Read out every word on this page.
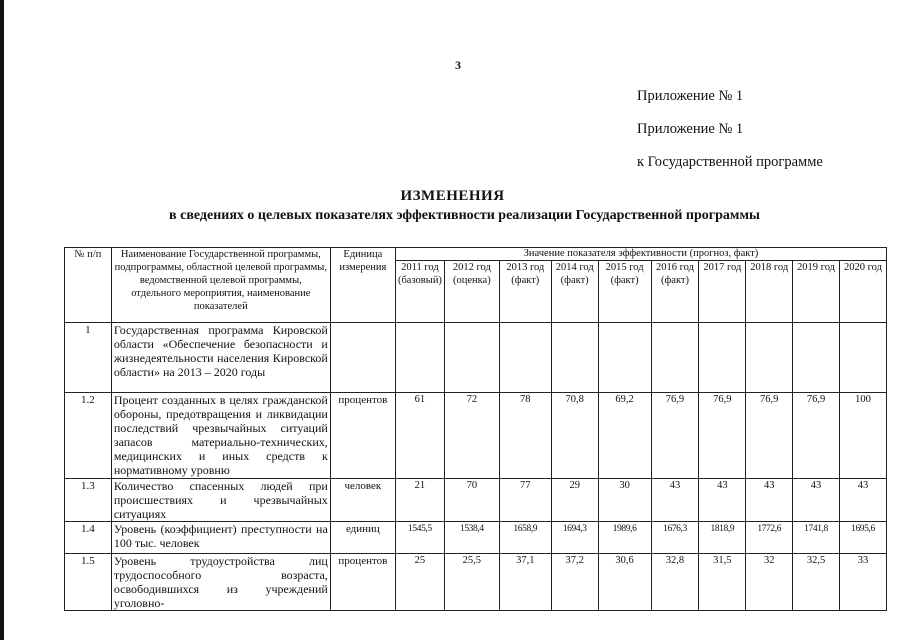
3
Приложение № 1
Приложение № 1
к Государственной программе
ИЗМЕНЕНИЯ
в сведениях о целевых показателях эффективности реализации Государственной программы
№ п/п	Наименование Государственной программы, подпрограммы, областной целевой программы, ведомственной целевой программы, отдельного мероприятия, наименование показателей	Единица измерения	Значение показателя эффективности (прогноз, факт)									
			2011 год (базовый)	2012 год (оценка)	2013 год (факт)	2014 год (факт)	2015 год (факт)	2016 год (факт)	2017 год	2018 год	2019 год	2020 год
1	Государственная программа Кировской области «Обеспечение безопасности и жизнедеятельности населения Кировской области» на 2013 – 2020 годы											
1.2	Процент созданных в целях гражданской обороны, предотвращения и ликвидации последствий чрезвычайных ситуаций запасов материально-технических, медицинских и иных средств к нормативному уровню	процентов	61	72	78	70,8	69,2	76,9	76,9	76,9	76,9	100
1.3	Количество спасенных людей при происшествиях и чрезвычайных ситуациях	человек	21	70	77	29	30	43	43	43	43	43
1.4	Уровень (коэффициент) преступности на 100 тыс. человек	единиц	1545,5	1538,4	1658,9	1694,3	1989,6	1676,3	1818,9	1772,6	1741,8	1695,6
1.5	Уровень трудоустройства лиц трудоспособного возраста, освободившихся из учреждений уголовно-	процентов	25	25,5	37,1	37,2	30,6	32,8	31,5	32	32,5	33
